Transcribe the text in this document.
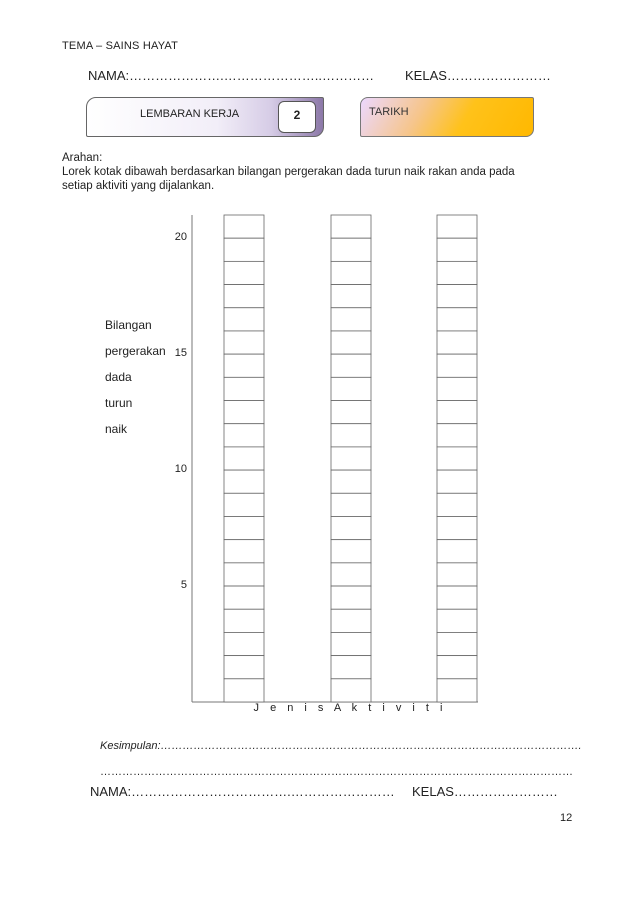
TEMA – SAINS HAYAT
NAMA:………………….…………………..………… KELAS……………………
LEMBARAN KERJA	2	TARIKH
Arahan:
Lorek kotak dibawah berdasarkan bilangan pergerakan dada turun naik rakan anda pada
setiap aktiviti yang dijalankan.
Bilangan
pergerakan
dada
turun
naik
20
15
10
5
J e n i s A k t i v i t i
Kesimpulan:…………………………………………………………………………………………………….
…………………………………………………………………………………………………………………
NAMA:……………………………….…………………… KELAS……………………
12
